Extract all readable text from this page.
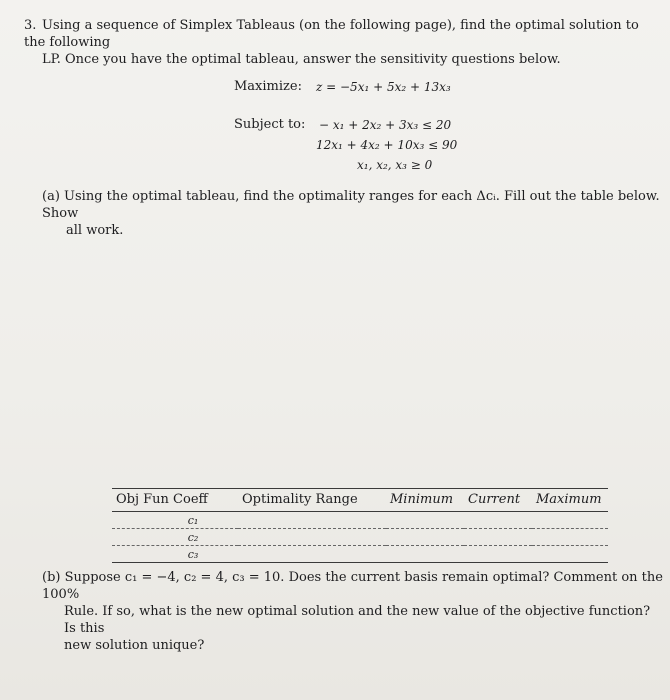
3. Using a sequence of Simplex Tableaus (on the following page), find the optimal solution to the following
LP. Once you have the optimal tableau, answer the sensitivity questions below.
Maximize: z = −5x₁ + 5x₂ + 13x₃
Subject to: − x₁ + 2x₂ + 3x₃ ≤ 20
12x₁ + 4x₂ + 10x₃ ≤ 90
x₁, x₂, x₃ ≥ 0
(a) Using the optimal tableau, find the optimality ranges for each Δcᵢ. Fill out the table below. Show
all work.
Obj Fun Coeff	Optimality Range	Minimum	Current	Maximum
c₁				
c₂				
c₃				
(b) Suppose c₁ = −4, c₂ = 4, c₃ = 10. Does the current basis remain optimal? Comment on the 100%
Rule. If so, what is the new optimal solution and the new value of the objective function? Is this
new solution unique?
